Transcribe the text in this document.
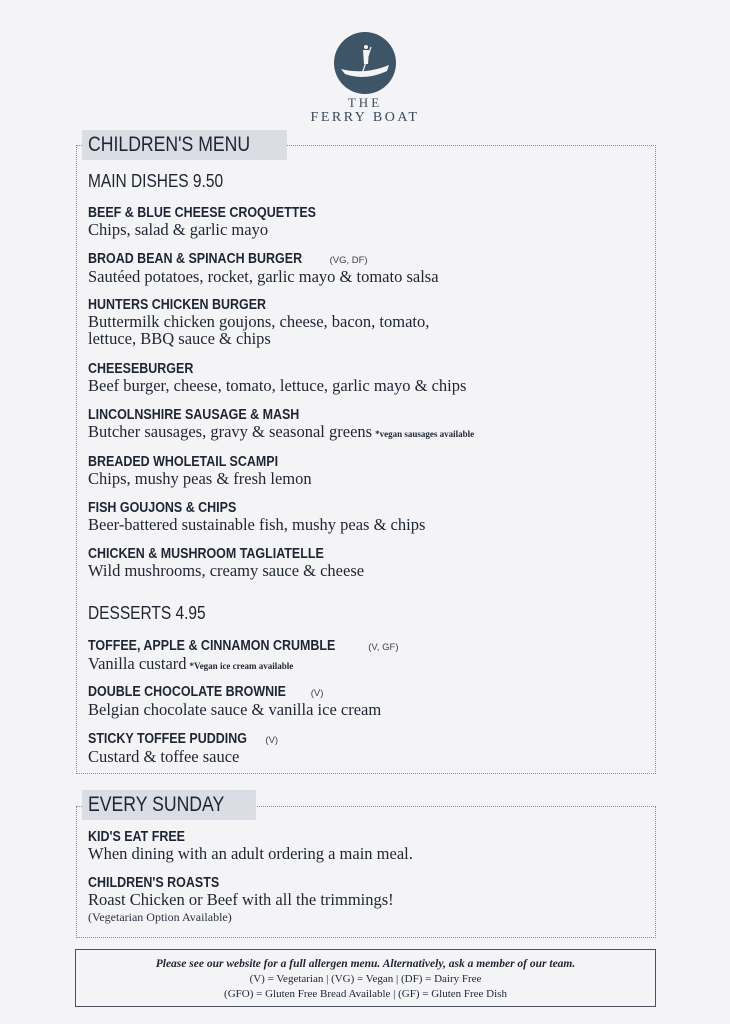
THE
FERRY BOAT
CHILDREN'S MENU
MAIN DISHES 9.50
BEEF & BLUE CHEESE CROQUETTES
Chips, salad & garlic mayo
BROAD BEAN & SPINACH BURGER	(VG, DF)
Sautéed potatoes, rocket, garlic mayo & tomato salsa
HUNTERS CHICKEN BURGER
Buttermilk chicken goujons, cheese, bacon, tomato,
lettuce, BBQ sauce & chips
CHEESEBURGER
Beef burger, cheese, tomato, lettuce, garlic mayo & chips
LINCOLNSHIRE SAUSAGE & MASH
Butcher sausages, gravy & seasonal greens *vegan sausages available
BREADED WHOLETAIL SCAMPI
Chips, mushy peas & fresh lemon
FISH GOUJONS & CHIPS
Beer-battered sustainable fish, mushy peas & chips
CHICKEN & MUSHROOM TAGLIATELLE
Wild mushrooms, creamy sauce & cheese
DESSERTS 4.95
TOFFEE, APPLE & CINNAMON CRUMBLE	(V, GF)
Vanilla custard *Vegan ice cream available
DOUBLE CHOCOLATE BROWNIE (V)
Belgian chocolate sauce & vanilla ice cream
STICKY TOFFEE PUDDING (V)
Custard & toffee sauce
EVERY SUNDAY
KID'S EAT FREE
When dining with an adult ordering a main meal.
CHILDREN'S ROASTS
Roast Chicken or Beef with all the trimmings!
(Vegetarian Option Available)
Please see our website for a full allergen menu. Alternatively, ask a member of our team.
(V) = Vegetarian | (VG) = Vegan | (DF) = Dairy Free
(GFO) = Gluten Free Bread Available | (GF) = Gluten Free Dish
